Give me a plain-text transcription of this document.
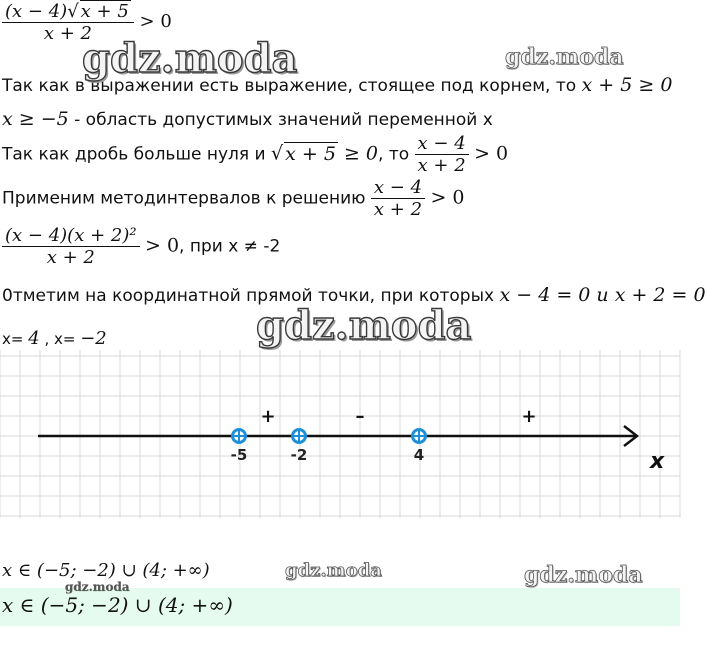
$\frac{(x - 4)√ x + 5}{x + 2} > 0$
Так как в выражении есть выражение, стоящее под корнем, то x + 5 ≥ 0
x ≥ −5 - область допустимых значений переменной x
Так как дробь больше нуля и √ x + 5 ≥ 0, то $\frac{x - 4}{x + 2} > 0$
Применим методинтервалов к решению $\frac{x - 4}{x + 2} > 0$
$\frac{\text{(x − 4)(x + 2)²}}{x + 2} > 0$, при x ≠ -2
0тметим на координатной прямой точки, при которых x − 4 = 0 и x + 2 = 0
x= 4 , x= −2
x
-5	-2	4
+	–	+
x ∈ (−5; −2) ∪ (4; +∞)
x ∈ (−5; −2) ∪ (4; +∞)
gdz.moda	gdz.moda
gdz.moda
gdz.moda
gdz.moda	gdz.moda
